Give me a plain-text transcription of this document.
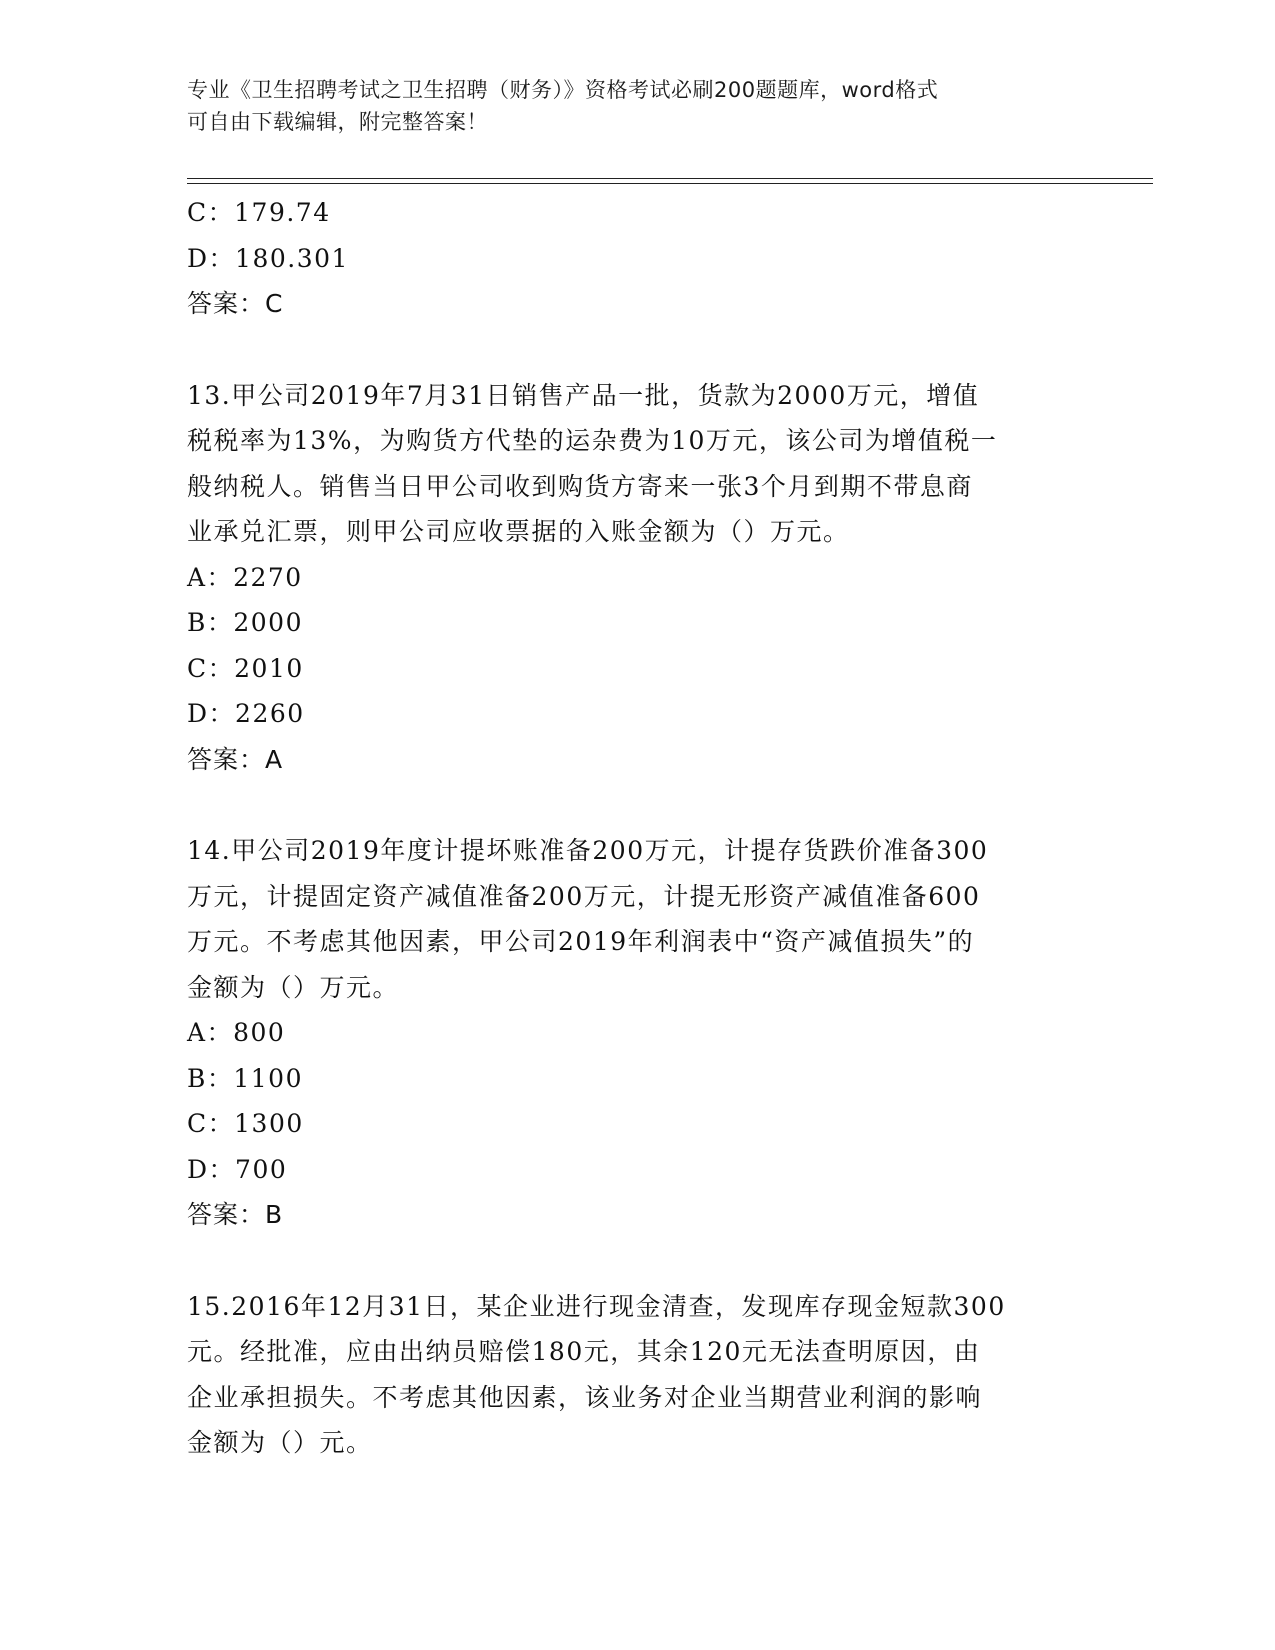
专业《卫生招聘考试之卫生招聘（财务）》资格考试必刷200题题库，word格式
可自由下载编辑，附完整答案！
C：179.74
D：180.301
答案：C
13.甲公司2019年7月31日销售产品一批，货款为2000万元，增值
税税率为13%，为购货方代垫的运杂费为10万元，该公司为增值税一
般纳税人。销售当日甲公司收到购货方寄来一张3个月到期不带息商
业承兑汇票，则甲公司应收票据的入账金额为（）万元。
A：2270
B：2000
C：2010
D：2260
答案：A
14.甲公司2019年度计提坏账准备200万元，计提存货跌价准备300
万元，计提固定资产减值准备200万元，计提无形资产减值准备600
万元。不考虑其他因素，甲公司2019年利润表中“资产减值损失”的
金额为（）万元。
A：800
B：1100
C：1300
D：700
答案：B
15.2016年12月31日，某企业进行现金清查，发现库存现金短款300
元。经批准，应由出纳员赔偿180元，其余120元无法查明原因，由
企业承担损失。不考虑其他因素，该业务对企业当期营业利润的影响
金额为（）元。
